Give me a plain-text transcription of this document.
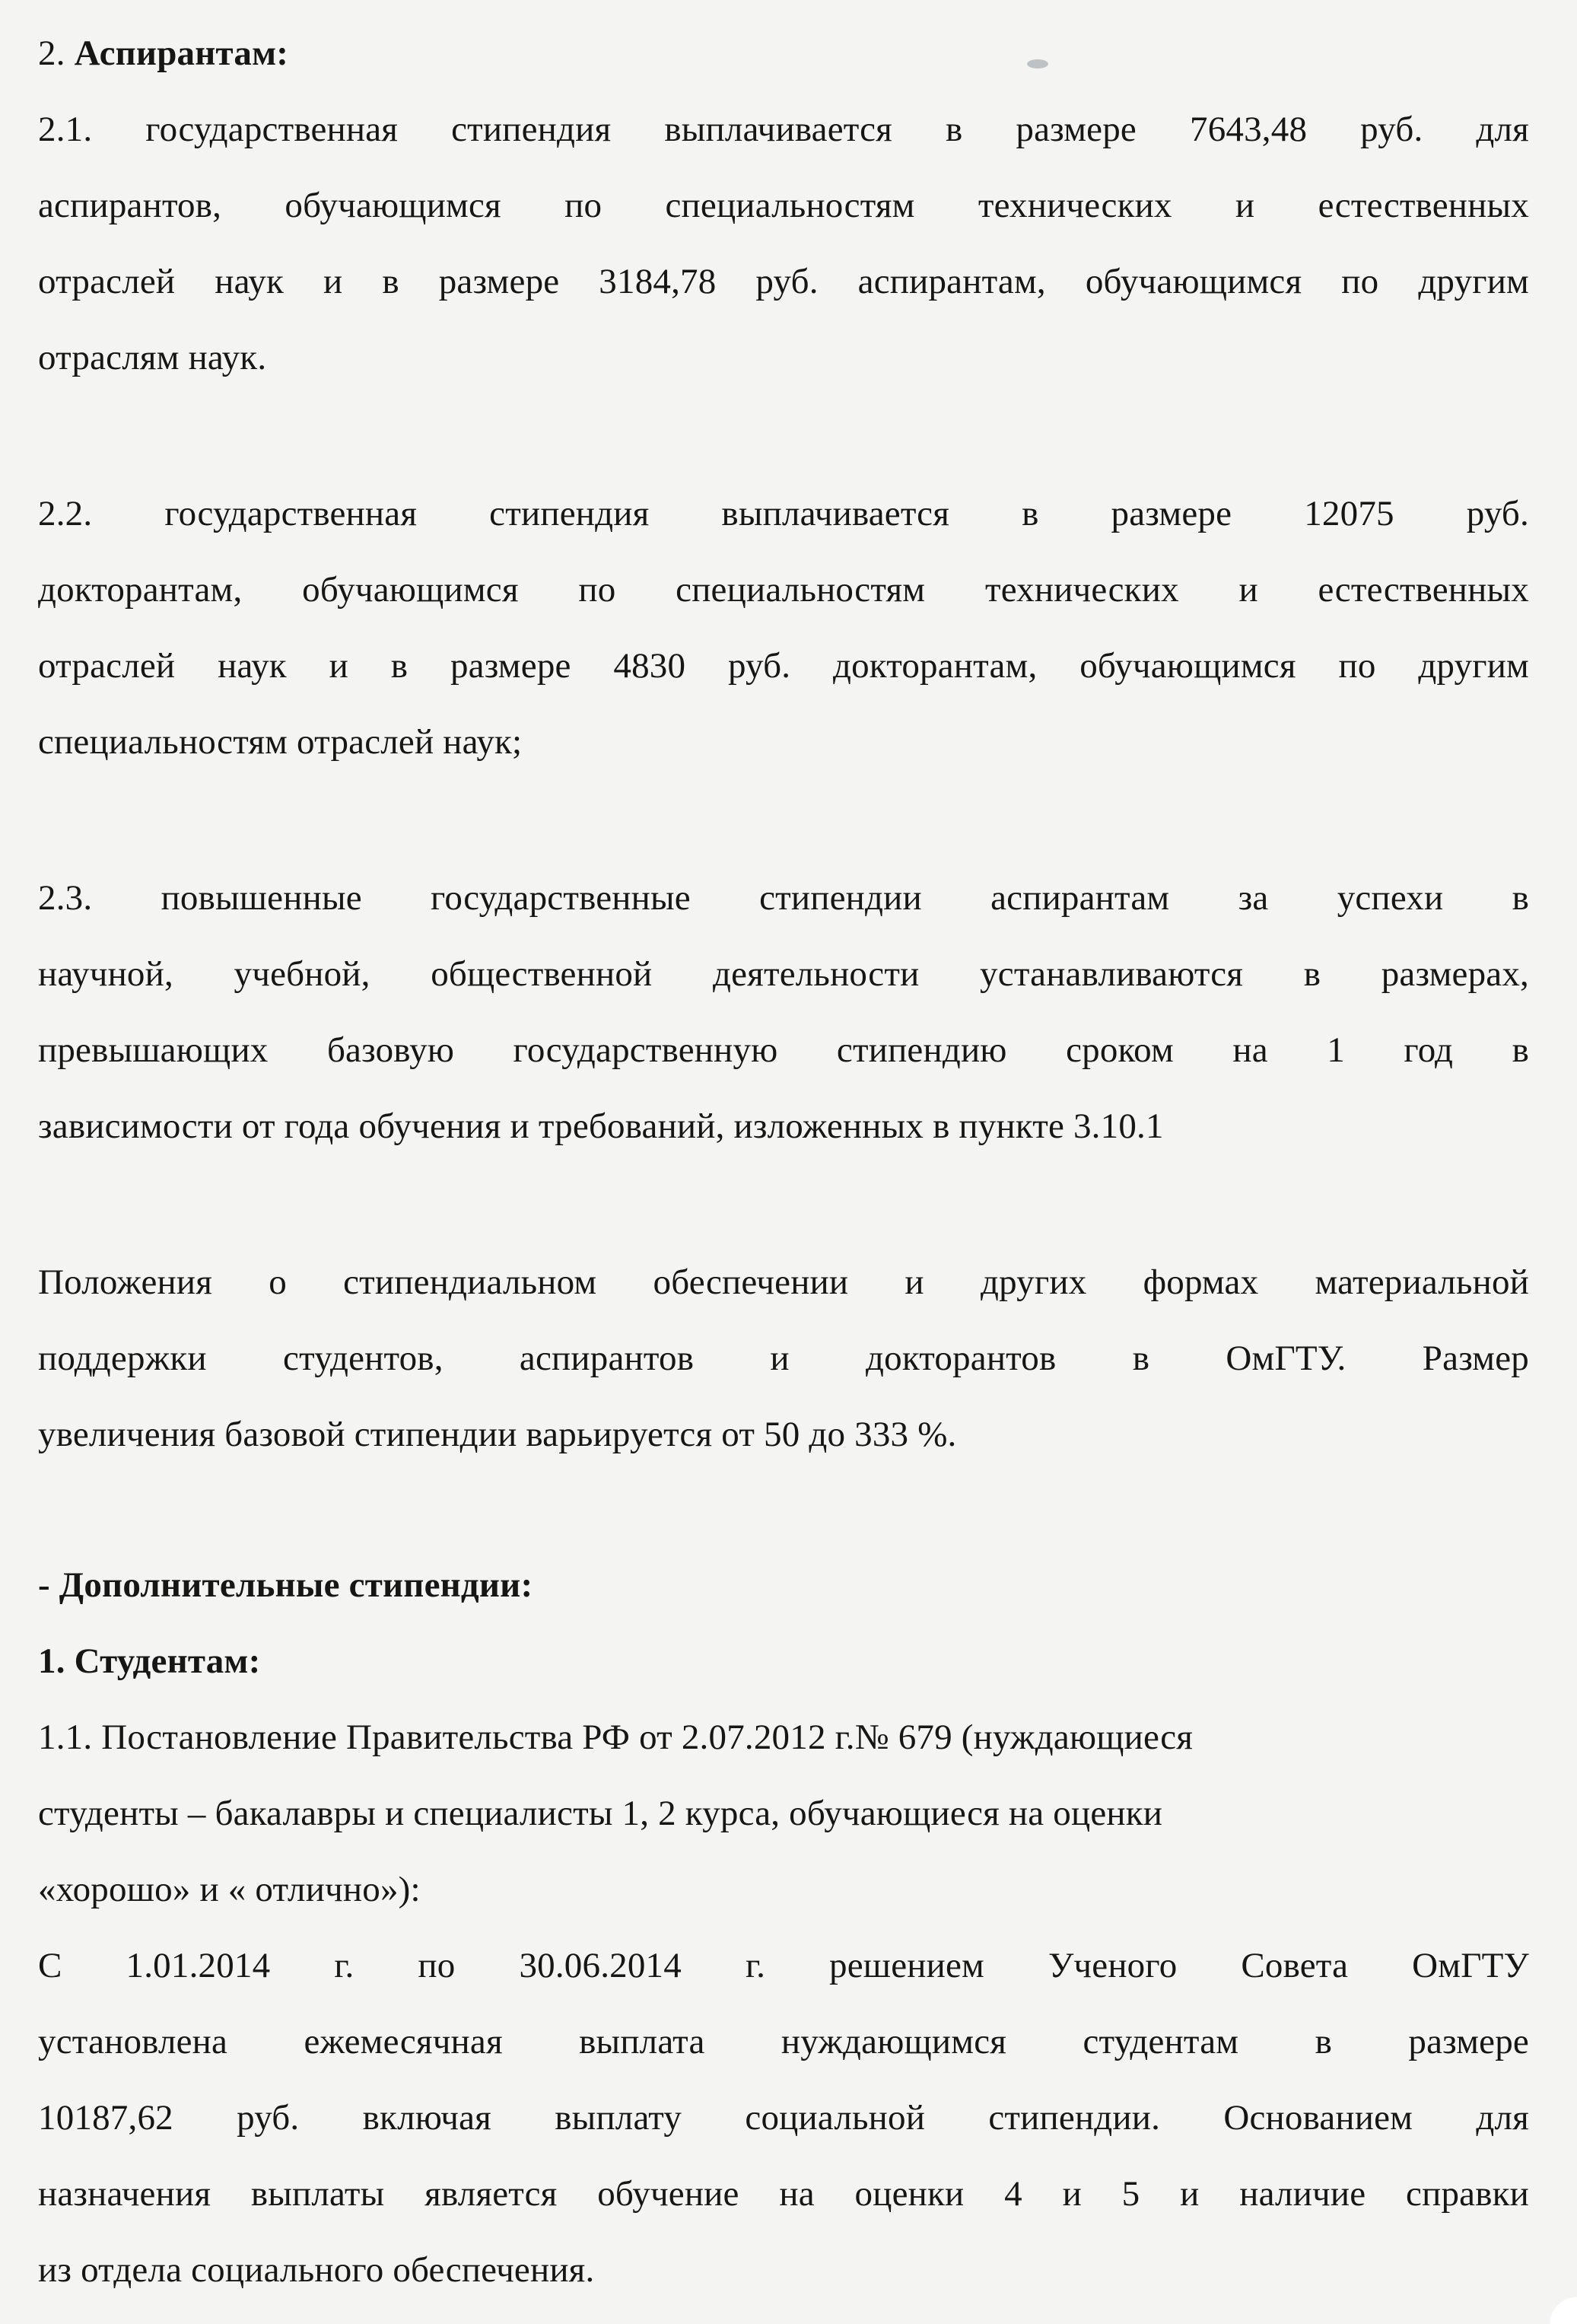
2. Аспирантам:
2.1. государственная стипендия выплачивается в размере 7643,48 руб. для
аспирантов, обучающимся по специальностям технических и естественных
отраслей наук и в размере 3184,78 руб. аспирантам, обучающимся по другим
отраслям наук.
2.2. государственная стипендия выплачивается в размере 12075 руб.
докторантам, обучающимся по специальностям технических и естественных
отраслей наук и в размере 4830 руб. докторантам, обучающимся по другим
специальностям отраслей наук;
2.3. повышенные государственные стипендии аспирантам за успехи в
научной, учебной, общественной деятельности устанавливаются в размерах,
превышающих базовую государственную стипендию сроком на 1 год в
зависимости от года обучения и требований, изложенных в пункте 3.10.1
Положения о стипендиальном обеспечении и других формах материальной
поддержки студентов, аспирантов и докторантов в ОмГТУ. Размер
увеличения базовой стипендии варьируется от 50 до 333 %.
- Дополнительные стипендии:
1. Студентам:
1.1. Постановление Правительства РФ от 2.07.2012 г.№ 679 (нуждающиеся
студенты – бакалавры и специалисты 1, 2 курса, обучающиеся на оценки
«хорошо» и « отлично»):
С 1.01.2014 г. по 30.06.2014 г. решением Ученого Совета ОмГТУ
установлена ежемесячная выплата нуждающимся студентам в размере
10187,62 руб. включая выплату социальной стипендии. Основанием для
назначения выплаты является обучение на оценки 4 и 5 и наличие справки
из отдела социального обеспечения.
